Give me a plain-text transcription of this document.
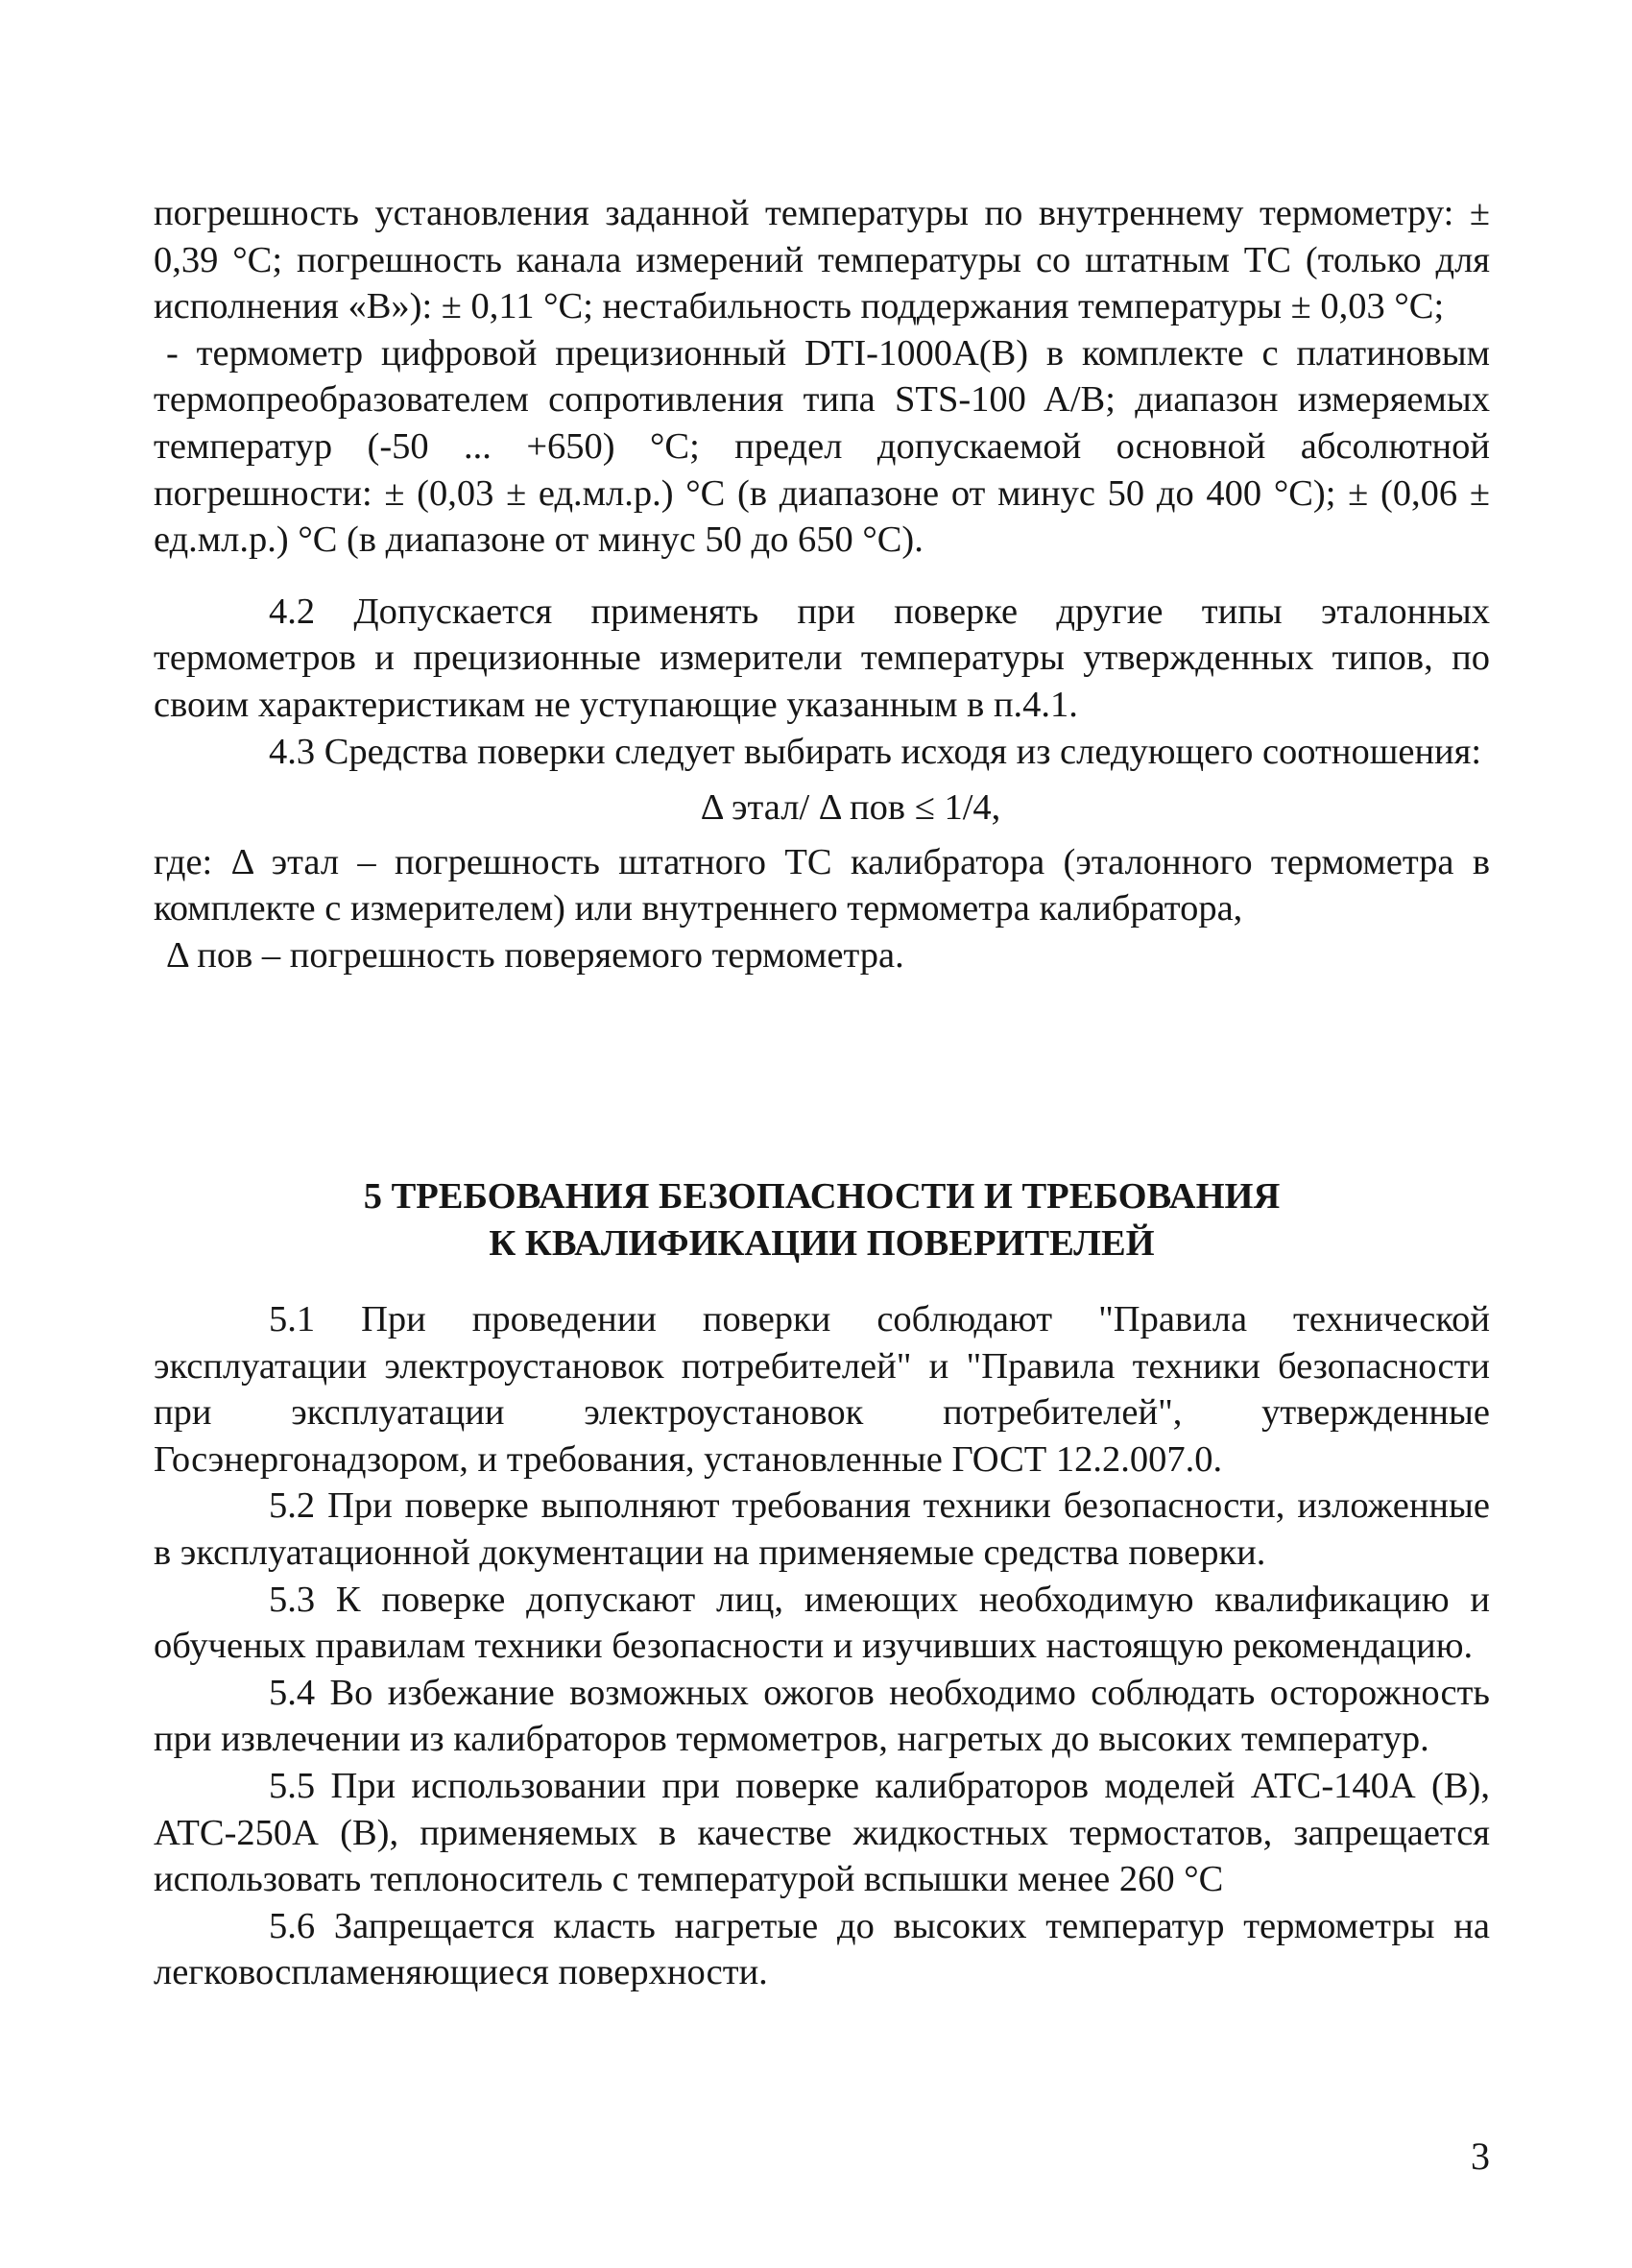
погрешность установления заданной температуры по внутреннему термометру: ± 0,39 °С; погрешность канала измерений температуры со штатным ТС (только для исполнения «В»): ± 0,11 °С; нестабильность поддержания температуры ± 0,03 °С;

- термометр цифровой прецизионный DTI-1000A(B) в комплекте с платиновым термопреобразователем сопротивления типа STS-100 A/B; диапазон измеряемых температур (-50 ... +650) °С; предел допускаемой основной абсолютной погрешности: ± (0,03 ± ед.мл.р.) °С (в диапазоне от минус 50 до 400 °С); ± (0,06 ± ед.мл.р.) °С (в диапазоне от минус 50 до 650 °С).

4.2 Допускается применять при поверке другие типы эталонных термометров и прецизионные измерители температуры утвержденных типов, по своим характеристикам не уступающие указанным в п.4.1.

4.3 Средства поверки следует выбирать исходя из следующего соотношения:

Δ этал/ Δ пов ≤ 1/4,

где: Δ этал – погрешность штатного ТС калибратора (эталонного термометра в комплекте с измерителем) или внутреннего термометра калибратора,

Δ пов – погрешность поверяемого термометра.

5 ТРЕБОВАНИЯ БЕЗОПАСНОСТИ И ТРЕБОВАНИЯ
К КВАЛИФИКАЦИИ ПОВЕРИТЕЛЕЙ

5.1 При проведении поверки соблюдают "Правила технической эксплуатации электроустановок потребителей" и "Правила техники безопасности при эксплуатации электроустановок потребителей", утвержденные Госэнергонадзором, и требования, установленные ГОСТ 12.2.007.0.

5.2 При поверке выполняют требования техники безопасности, изложенные в эксплуатационной документации на применяемые средства поверки.

5.3 К поверке допускают лиц, имеющих необходимую квалификацию и обученых правилам техники безопасности и изучивших настоящую рекомендацию.

5.4 Во избежание возможных ожогов необходимо соблюдать осторожность при извлечении из калибраторов термометров, нагретых до высоких температур.

5.5 При использовании при поверке калибраторов моделей АТС-140А (В), АТС-250А (В), применяемых в качестве жидкостных термостатов, запрещается использовать теплоноситель с температурой вспышки менее 260 °С

5.6 Запрещается класть нагретые до высоких температур термометры на легковоспламеняющиеся поверхности.

3
